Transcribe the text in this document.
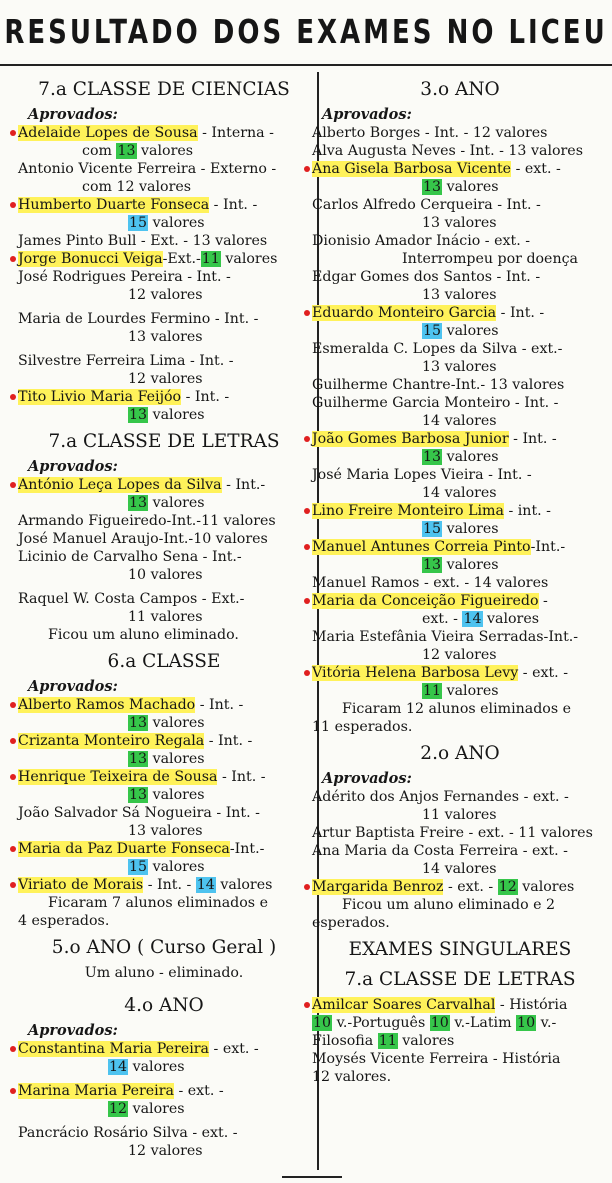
RESULTADO DOS EXAMES NO LICEU
7.a CLASSE DE CIENCIAS
Aprovados:
Adelaide Lopes de Sousa - Interna -
com 13 valores
Antonio Vicente Ferreira - Externo -
com 12 valores
Humberto Duarte Fonseca - Int. -
15 valores
James Pinto Bull - Ext. - 13 valores
Jorge Bonucci Veiga-Ext.-11 valores
José Rodrigues Pereira - Int. -
12 valores
Maria de Lourdes Fermino - Int. -
13 valores
Silvestre Ferreira Lima - Int. -
12 valores
Tito Livio Maria Feijóo - Int. -
13 valores
7.a CLASSE DE LETRAS
Aprovados:
António Leça Lopes da Silva - Int.-
13 valores
Armando Figueiredo-Int.-11 valores
José Manuel Araujo-Int.-10 valores
Licinio de Carvalho Sena - Int.-
10 valores
Raquel W. Costa Campos - Ext.-
11 valores
Ficou um aluno eliminado.
6.a CLASSE
Aprovados:
Alberto Ramos Machado - Int. -
13 valores
Crizanta Monteiro Regala - Int. -
13 valores
Henrique Teixeira de Sousa - Int. -
13 valores
João Salvador Sá Nogueira - Int. -
13 valores
Maria da Paz Duarte Fonseca-Int.-
15 valores
Viriato de Morais - Int. - 14 valores
Ficaram 7 alunos eliminados e
4 esperados.
5.o ANO ( Curso Geral )
Um aluno - eliminado.
4.o ANO
Aprovados:
Constantina Maria Pereira - ext. -
14 valores
Marina Maria Pereira - ext. -
12 valores
Pancrácio Rosário Silva - ext. -
12 valores
3.o ANO
Aprovados:
Alberto Borges - Int. - 12 valores
Alva Augusta Neves - Int. - 13 valores
Ana Gisela Barbosa Vicente - ext. -
13 valores
Carlos Alfredo Cerqueira - Int. -
13 valores
Dionisio Amador Inácio - ext. -
Interrompeu por doença
Edgar Gomes dos Santos - Int. -
13 valores
Eduardo Monteiro Garcia - Int. -
15 valores
Esmeralda C. Lopes da Silva - ext.-
13 valores
Guilherme Chantre-Int.- 13 valores
Guilherme Garcia Monteiro - Int. -
14 valores
João Gomes Barbosa Junior - Int. -
13 valores
José Maria Lopes Vieira - Int. -
14 valores
Lino Freire Monteiro Lima - int. -
15 valores
Manuel Antunes Correia Pinto-Int.-
13 valores
Manuel Ramos - ext. - 14 valores
Maria da Conceição Figueiredo -
ext. - 14 valores
Maria Estefânia Vieira Serradas-Int.-
12 valores
Vitória Helena Barbosa Levy - ext. -
11 valores
Ficaram 12 alunos eliminados e
11 esperados.
2.o ANO
Aprovados:
Adérito dos Anjos Fernandes - ext. -
11 valores
Artur Baptista Freire - ext. - 11 valores
Ana Maria da Costa Ferreira - ext. -
14 valores
Margarida Benroz - ext. - 12 valores
Ficou um aluno eliminado e 2
esperados.
EXAMES SINGULARES
7.a CLASSE DE LETRAS
Amilcar Soares Carvalhal - História
10 v.-Português 10 v.-Latim 10 v.-
Filosofia 11 valores
Moysés Vicente Ferreira - História
12 valores.
